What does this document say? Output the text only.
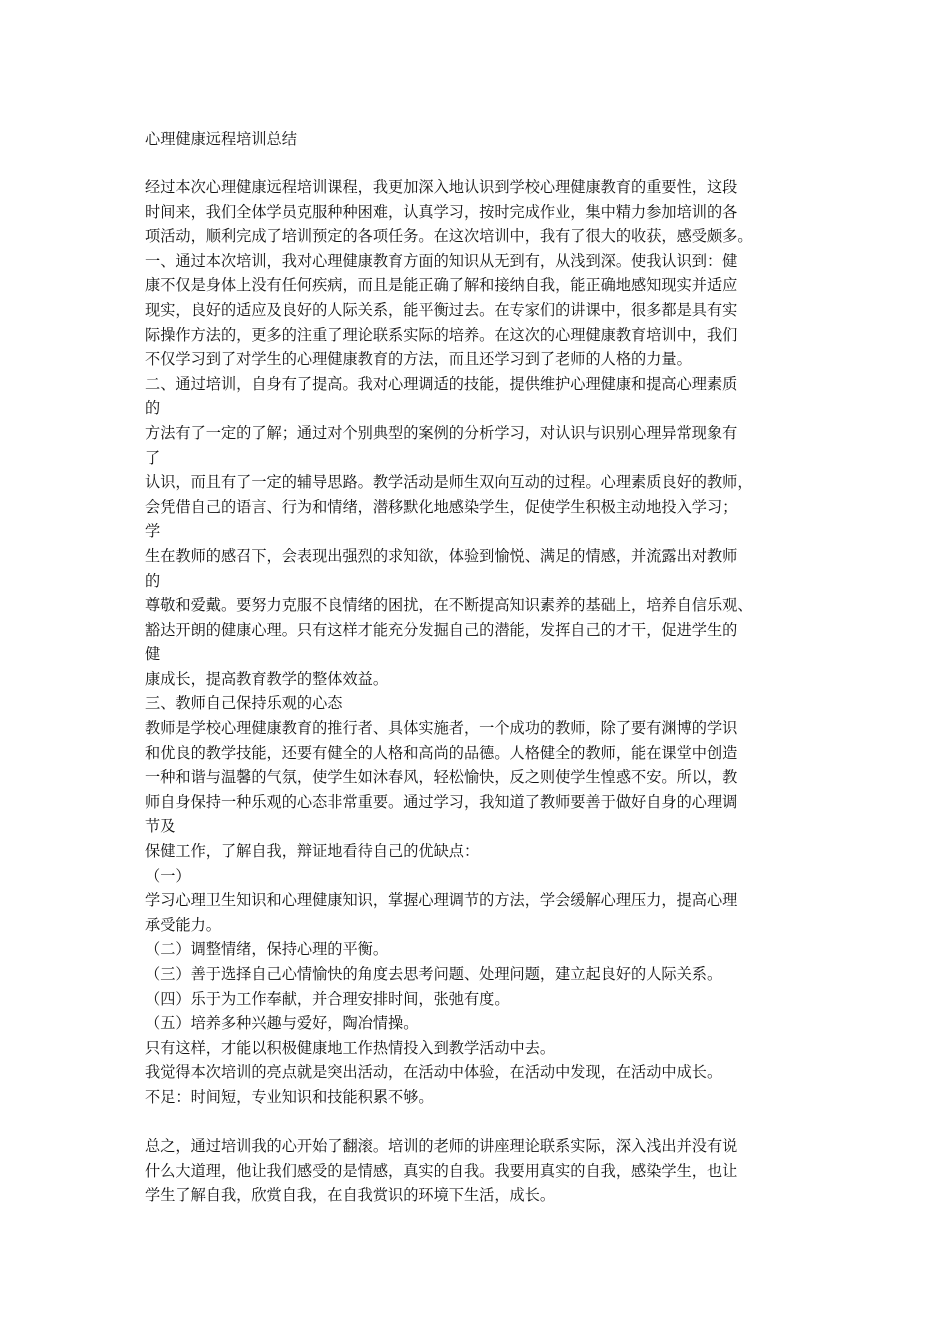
心理健康远程培训总结
经过本次心理健康远程培训课程，我更加深入地认识到学校心理健康教育的重要性，这段
时间来，我们全体学员克服种种困难，认真学习，按时完成作业，集中精力参加培训的各
项活动，顺利完成了培训预定的各项任务。在这次培训中，我有了很大的收获，感受颇多。
一、通过本次培训，我对心理健康教育方面的知识从无到有，从浅到深。使我认识到：健
康不仅是身体上没有任何疾病，而且是能正确了解和接纳自我，能正确地感知现实并适应
现实，良好的适应及良好的人际关系，能平衡过去。在专家们的讲课中，很多都是具有实
际操作方法的，更多的注重了理论联系实际的培养。在这次的心理健康教育培训中，我们
不仅学习到了对学生的心理健康教育的方法，而且还学习到了老师的人格的力量。
二、通过培训，自身有了提高。我对心理调适的技能，提供维护心理健康和提高心理素质
的
方法有了一定的了解；通过对个别典型的案例的分析学习，对认识与识别心理异常现象有
了
认识，而且有了一定的辅导思路。教学活动是师生双向互动的过程。心理素质良好的教师，
会凭借自己的语言、行为和情绪，潜移默化地感染学生，促使学生积极主动地投入学习；
学
生在教师的感召下，会表现出强烈的求知欲，体验到愉悦、满足的情感，并流露出对教师
的
尊敬和爱戴。要努力克服不良情绪的困扰，在不断提高知识素养的基础上，培养自信乐观、
豁达开朗的健康心理。只有这样才能充分发掘自己的潜能，发挥自己的才干，促进学生的
健
康成长，提高教育教学的整体效益。
三、教师自己保持乐观的心态
教师是学校心理健康教育的推行者、具体实施者，一个成功的教师，除了要有渊博的学识
和优良的教学技能，还要有健全的人格和高尚的品德。人格健全的教师，能在课堂中创造
一种和谐与温馨的气氛，使学生如沐春风，轻松愉快，反之则使学生惶惑不安。所以，教
师自身保持一种乐观的心态非常重要。通过学习，我知道了教师要善于做好自身的心理调
节及
保健工作，了解自我，辩证地看待自己的优缺点：
（一）
学习心理卫生知识和心理健康知识，掌握心理调节的方法，学会缓解心理压力，提高心理
承受能力。
（二）调整情绪，保持心理的平衡。
（三）善于选择自己心情愉快的角度去思考问题、处理问题，建立起良好的人际关系。
（四）乐于为工作奉献，并合理安排时间，张弛有度。
（五）培养多种兴趣与爱好，陶冶情操。
只有这样，才能以积极健康地工作热情投入到教学活动中去。
我觉得本次培训的亮点就是突出活动，在活动中体验，在活动中发现，在活动中成长。
不足：时间短，专业知识和技能积累不够。
总之，通过培训我的心开始了翻滚。培训的老师的讲座理论联系实际，深入浅出并没有说
什么大道理，他让我们感受的是情感，真实的自我。我要用真实的自我，感染学生，也让
学生了解自我，欣赏自我，在自我赏识的环境下生活，成长。
